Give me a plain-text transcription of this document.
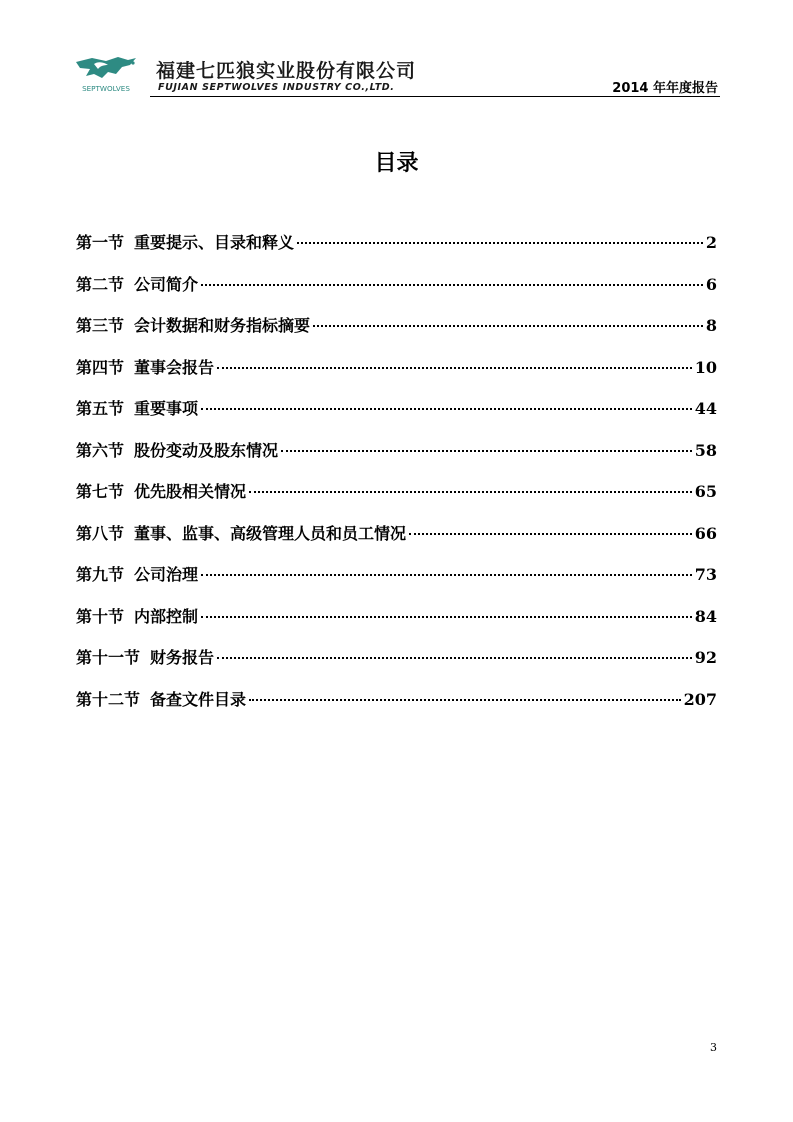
SEPTWOLVES
福建七匹狼实业股份有限公司
FUJIAN SEPTWOLVES INDUSTRY CO.,LTD.	2014 年年度报告
目录
第一节 重要提示、目录和释义	2
第二节 公司简介	6
第三节 会计数据和财务指标摘要	8
第四节 董事会报告	10
第五节 重要事项	44
第六节 股份变动及股东情况	58
第七节 优先股相关情况	65
第八节 董事、监事、高级管理人员和员工情况	66
第九节 公司治理	73
第十节 内部控制	84
第十一节 财务报告	92
第十二节 备查文件目录	207
3
